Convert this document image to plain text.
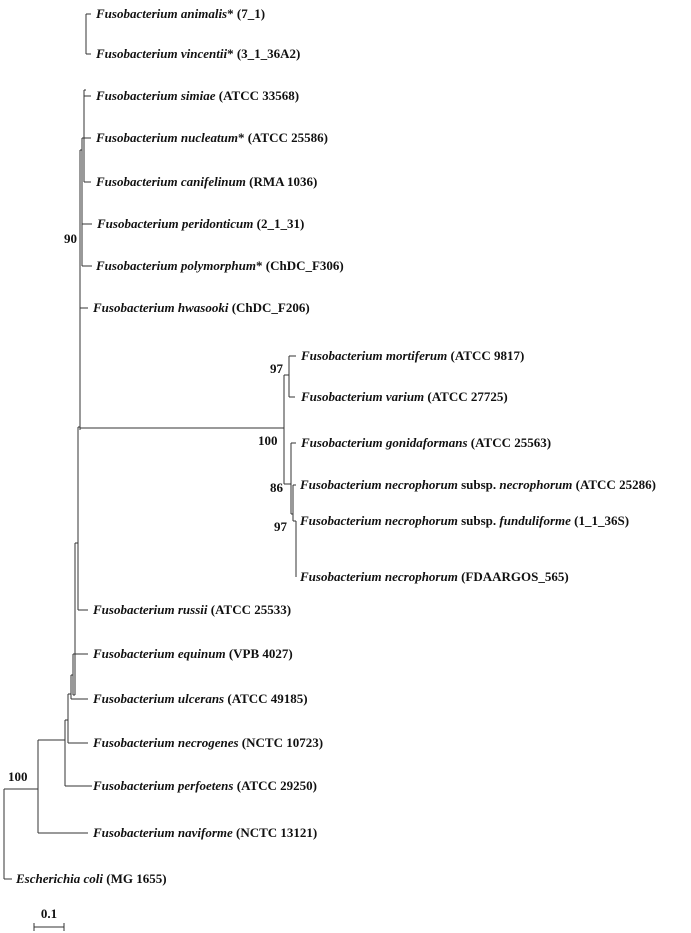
Fusobacterium animalis* (7_1)
Fusobacterium vincentii* (3_1_36A2)
Fusobacterium simiae (ATCC 33568)
Fusobacterium nucleatum* (ATCC 25586)
Fusobacterium canifelinum (RMA 1036)
Fusobacterium peridonticum (2_1_31)
Fusobacterium polymorphum* (ChDC_F306)
Fusobacterium hwasooki (ChDC_F206)
Fusobacterium mortiferum (ATCC 9817)
Fusobacterium varium (ATCC 27725)
Fusobacterium gonidaformans (ATCC 25563)
Fusobacterium necrophorum subsp. necrophorum (ATCC 25286)
Fusobacterium necrophorum subsp. funduliforme (1_1_36S)
Fusobacterium necrophorum (FDAARGOS_565)
Fusobacterium russii (ATCC 25533)
Fusobacterium equinum (VPB 4027)
Fusobacterium ulcerans (ATCC 49185)
Fusobacterium necrogenes (NCTC 10723)
Fusobacterium perfoetens (ATCC 29250)
Fusobacterium naviforme (NCTC 13121)
Escherichia coli (MG 1655)
90
97
100
86
97
100
0.1
